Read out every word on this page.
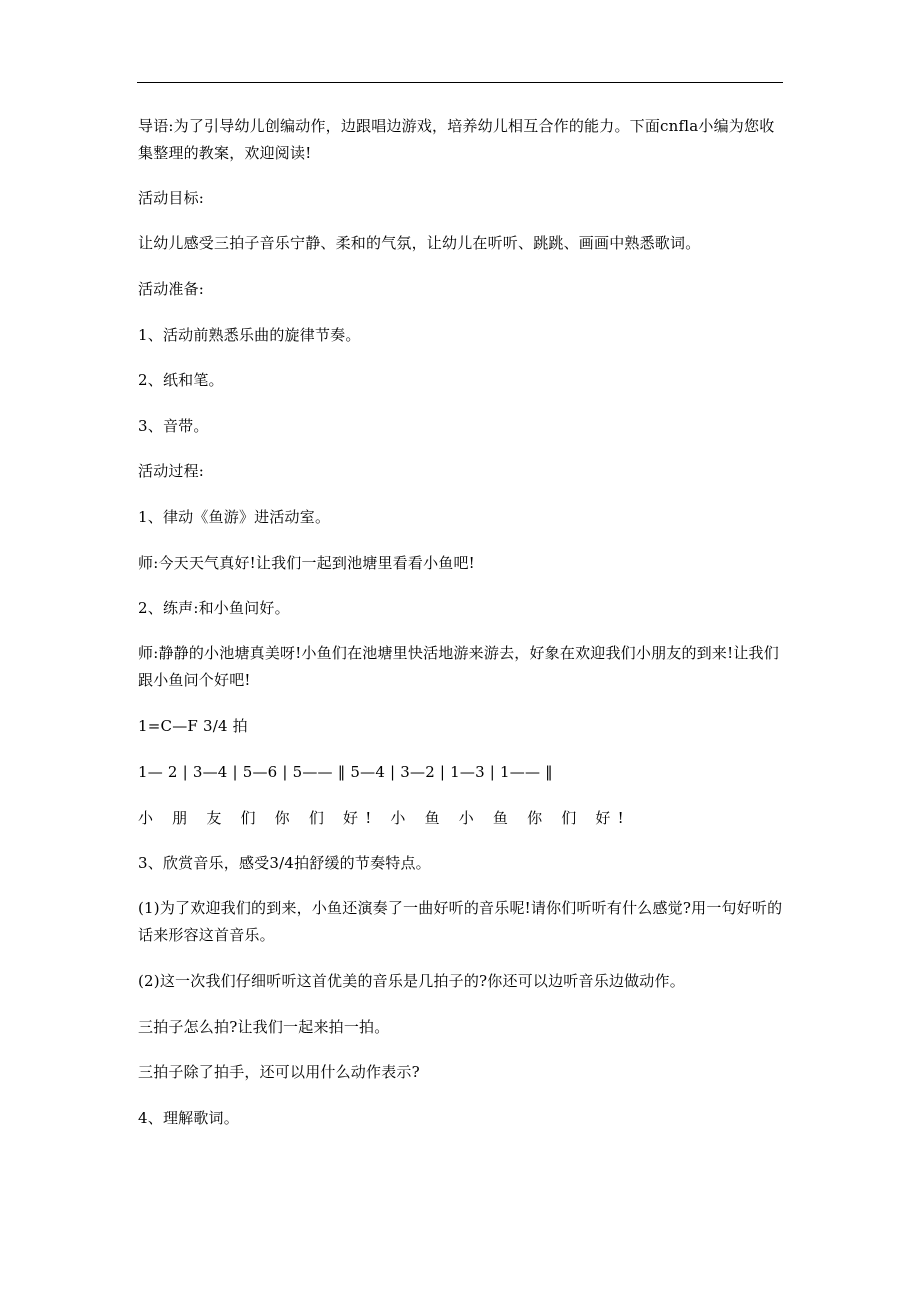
导语:为了引导幼儿创编动作，边跟唱边游戏，培养幼儿相互合作的能力。下面cnfla小编为您收集整理的教案，欢迎阅读!

活动目标:

让幼儿感受三拍子音乐宁静、柔和的气氛，让幼儿在听听、跳跳、画画中熟悉歌词。

活动准备:

1、活动前熟悉乐曲的旋律节奏。

2、纸和笔。

3、音带。

活动过程:

1、律动《鱼游》进活动室。

师:今天天气真好!让我们一起到池塘里看看小鱼吧!

2、练声:和小鱼问好。

师:静静的小池塘真美呀!小鱼们在池塘里快活地游来游去，好象在欢迎我们小朋友的到来!让我们跟小鱼问个好吧!

1=C—F 3/4 拍

1— 2 | 3—4 | 5—6 | 5—— ‖ 5—4 | 3—2 | 1—3 | 1—— ‖

小 朋 友 们 你 们 好! 小 鱼 小 鱼 你 们 好!

3、欣赏音乐，感受3/4拍舒缓的节奏特点。

(1)为了欢迎我们的到来，小鱼还演奏了一曲好听的音乐呢!请你们听听有什么感觉?用一句好听的话来形容这首音乐。

(2)这一次我们仔细听听这首优美的音乐是几拍子的?你还可以边听音乐边做动作。

三拍子怎么拍?让我们一起来拍一拍。

三拍子除了拍手，还可以用什么动作表示?

4、理解歌词。
